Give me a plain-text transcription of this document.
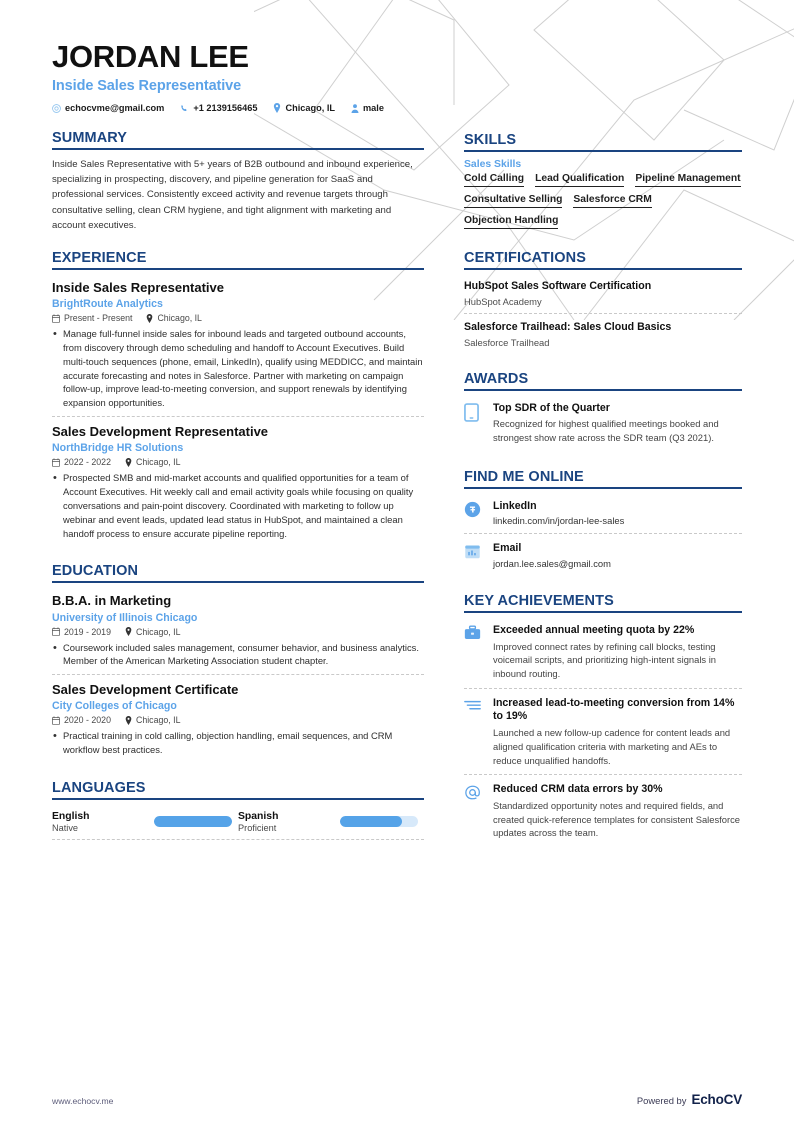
JORDAN LEE
Inside Sales Representative
echocvme@gmail.com	+1 2139156465	Chicago, IL	male
SUMMARY
Inside Sales Representative with 5+ years of B2B outbound and inbound experience, specializing in prospecting, discovery, and pipeline generation for SaaS and professional services. Consistently exceed activity and revenue targets through consultative selling, clean CRM hygiene, and tight alignment with marketing and account executives.
EXPERIENCE
Inside Sales Representative
BrightRoute Analytics
Present - Present	Chicago, IL
• Manage full-funnel inside sales for inbound leads and targeted outbound accounts, from discovery through demo scheduling and handoff to Account Executives. Build multi-touch sequences (phone, email, LinkedIn), qualify using MEDDICC, and maintain accurate forecasting and notes in Salesforce. Partner with marketing on campaign follow-up, improve lead-to-meeting conversion, and support renewals by identifying expansion opportunities.
Sales Development Representative
NorthBridge HR Solutions
2022 - 2022	Chicago, IL
• Prospected SMB and mid-market accounts and qualified opportunities for a team of Account Executives. Hit weekly call and email activity goals while focusing on quality conversations and pain-point discovery. Coordinated with marketing to follow up webinar and event leads, updated lead status in HubSpot, and maintained a clean handoff process to ensure accurate pipeline reporting.
EDUCATION
B.B.A. in Marketing
University of Illinois Chicago
2019 - 2019	Chicago, IL
• Coursework included sales management, consumer behavior, and business analytics. Member of the American Marketing Association student chapter.
Sales Development Certificate
City Colleges of Chicago
2020 - 2020	Chicago, IL
• Practical training in cold calling, objection handling, email sequences, and CRM workflow best practices.
LANGUAGES
English
Native
Spanish
Proficient
SKILLS
Sales Skills
Cold Calling Lead Qualification Pipeline Management
Consultative Selling Salesforce CRM
Objection Handling
CERTIFICATIONS
HubSpot Sales Software Certification
HubSpot Academy
Salesforce Trailhead: Sales Cloud Basics
Salesforce Trailhead
AWARDS
Top SDR of the Quarter
Recognized for highest qualified meetings booked and strongest show rate across the SDR team (Q3 2021).
FIND ME ONLINE
LinkedIn
linkedin.com/in/jordan-lee-sales
Email
jordan.lee.sales@gmail.com
KEY ACHIEVEMENTS
Exceeded annual meeting quota by 22%
Improved connect rates by refining call blocks, testing voicemail scripts, and prioritizing high-intent signals in inbound routing.
Increased lead-to-meeting conversion from 14% to 19%
Launched a new follow-up cadence for content leads and aligned qualification criteria with marketing and AEs to reduce unqualified handoffs.
Reduced CRM data errors by 30%
Standardized opportunity notes and required fields, and created quick-reference templates for consistent Salesforce updates across the team.
www.echocv.me	Powered by EchoCV
